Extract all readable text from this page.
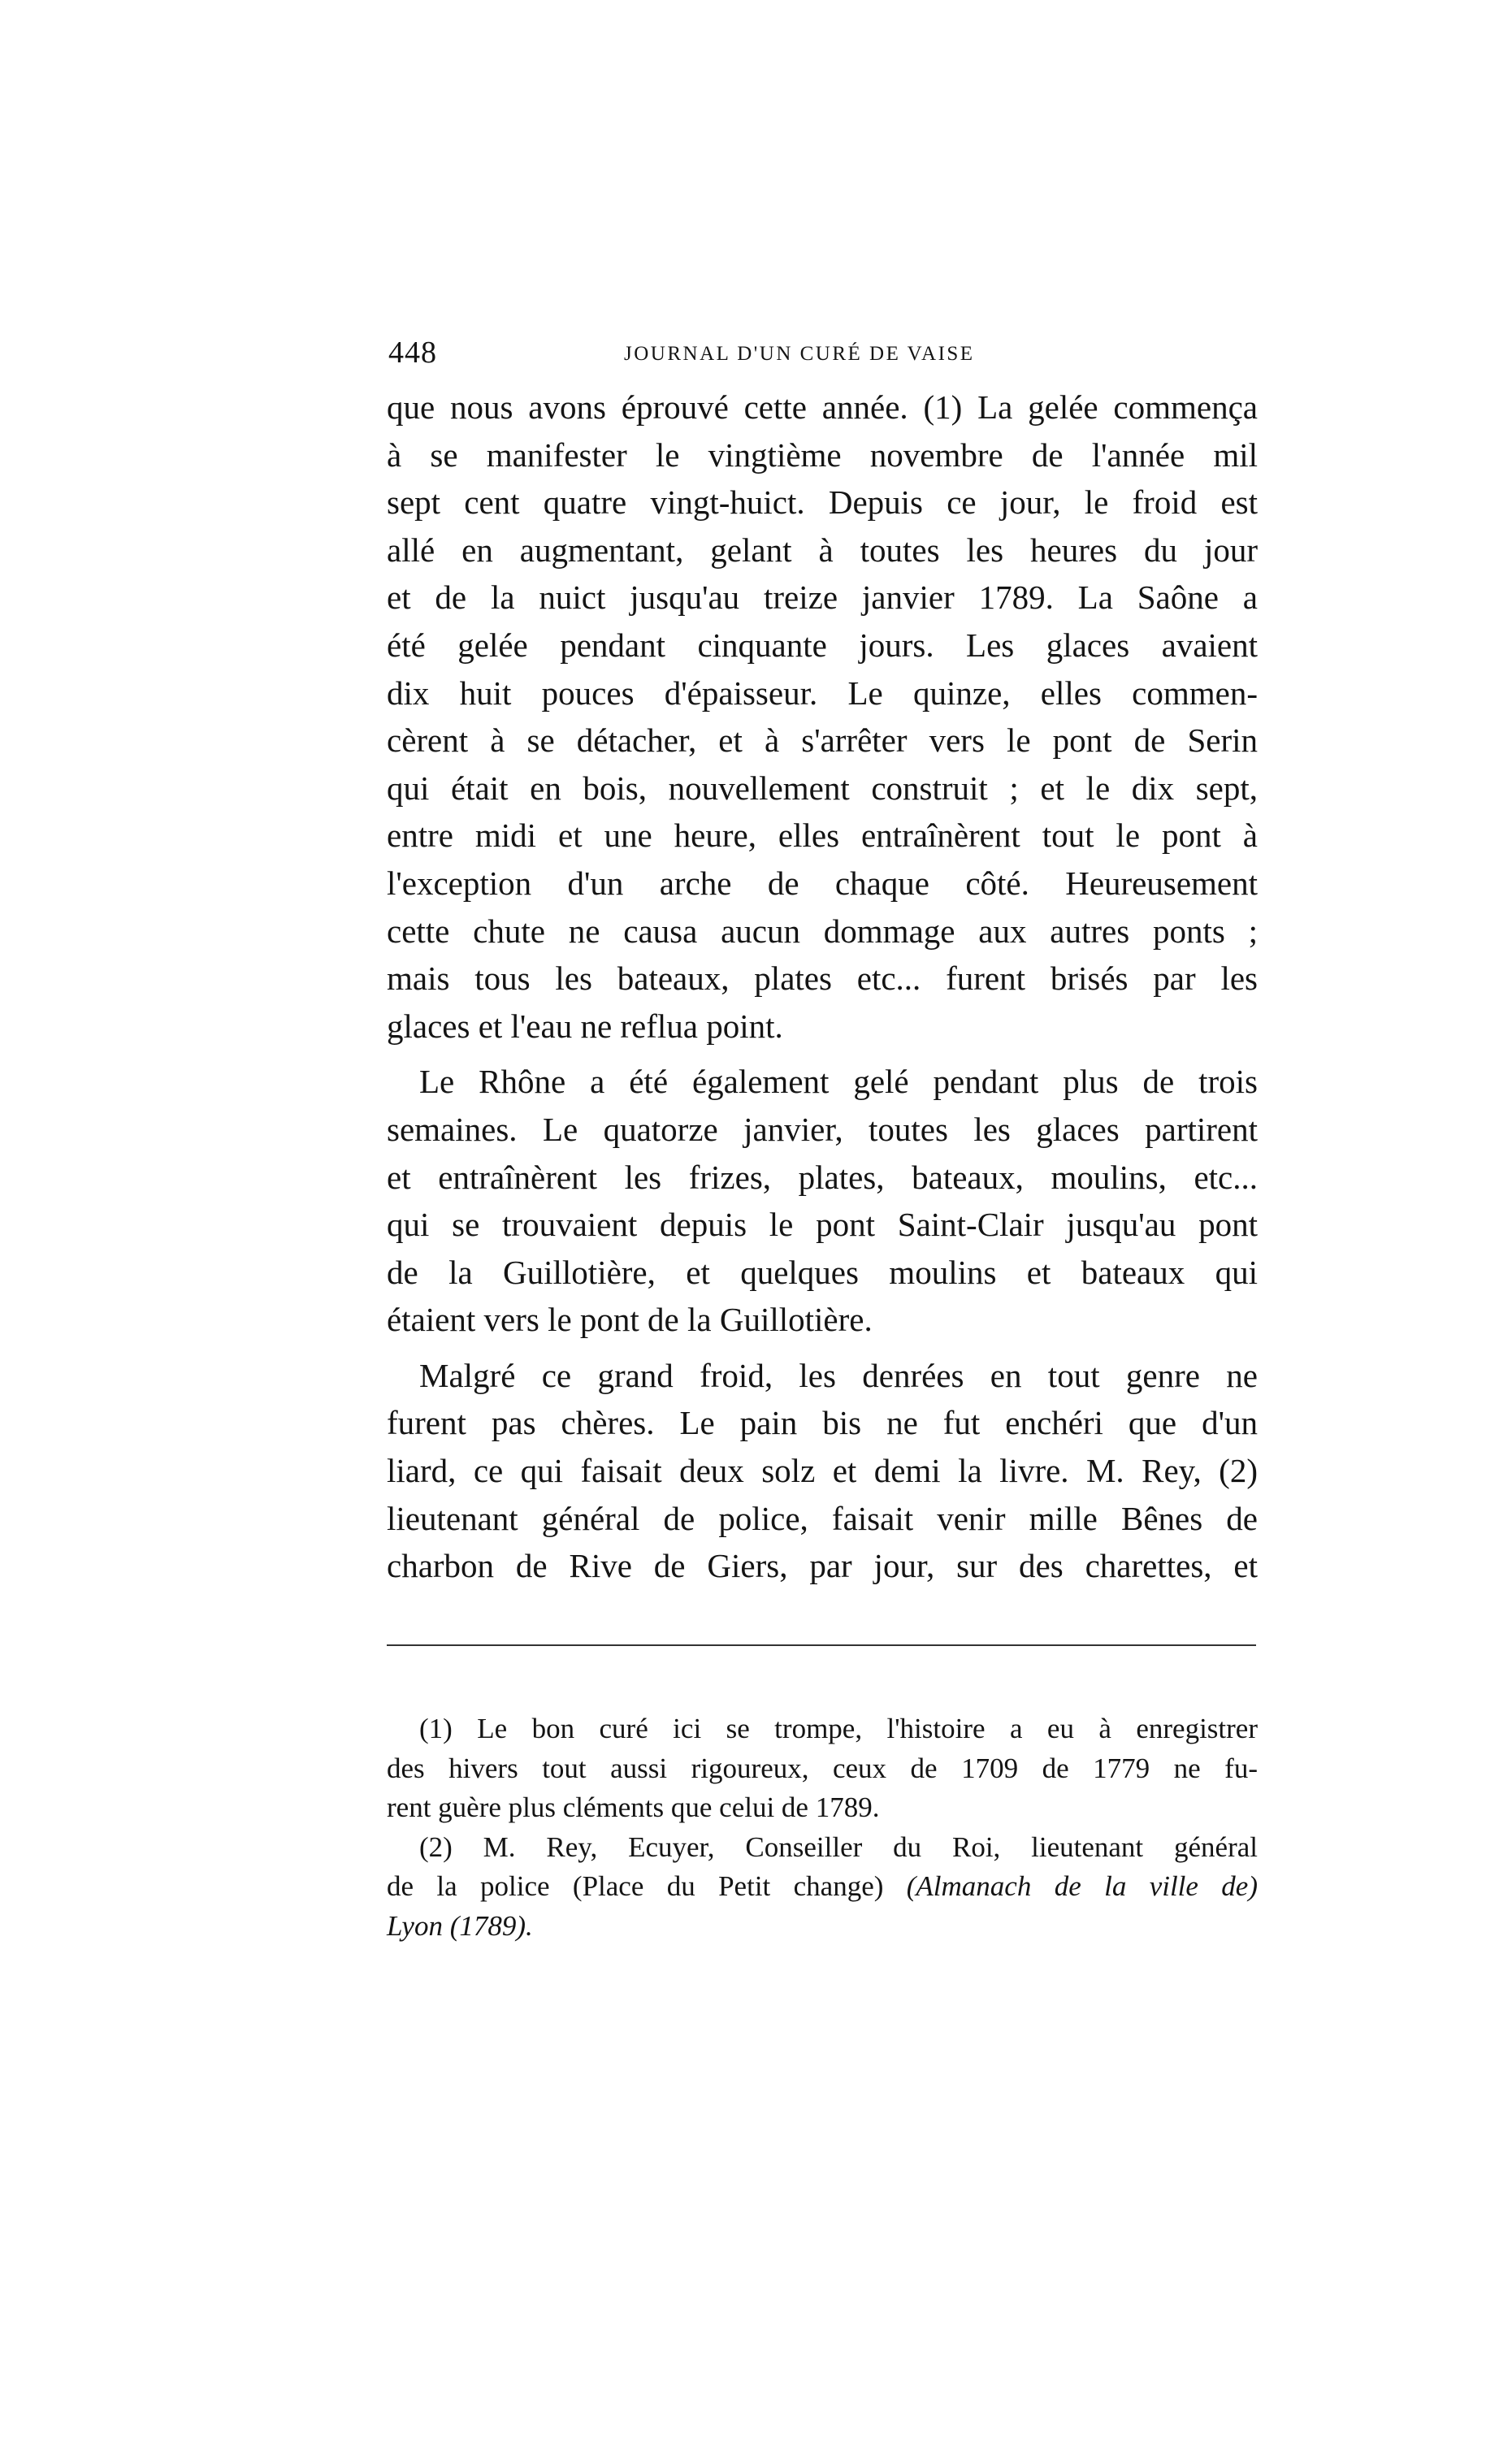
448	JOURNAL D'UN CURÉ DE VAISE

que nous avons éprouvé cette année. (1) La gelée commença
à se manifester le vingtième novembre de l'année mil
sept cent quatre vingt-huict. Depuis ce jour, le froid est
allé en augmentant, gelant à toutes les heures du jour
et de la nuict jusqu'au treize janvier 1789. La Saône a
été gelée pendant cinquante jours. Les glaces avaient
dix huit pouces d'épaisseur. Le quinze, elles commen-
cèrent à se détacher, et à s'arrêter vers le pont de Serin
qui était en bois, nouvellement construit ; et le dix sept,
entre midi et une heure, elles entraînèrent tout le pont à
l'exception d'un arche de chaque côté. Heureusement
cette chute ne causa aucun dommage aux autres ponts ;
mais tous les bateaux, plates etc... furent brisés par les
glaces et l'eau ne reflua point.

Le Rhône a été également gelé pendant plus de trois
semaines. Le quatorze janvier, toutes les glaces partirent
et entraînèrent les frizes, plates, bateaux, moulins, etc...
qui se trouvaient depuis le pont Saint-Clair jusqu'au pont
de la Guillotière, et quelques moulins et bateaux qui
étaient vers le pont de la Guillotière.

Malgré ce grand froid, les denrées en tout genre ne
furent pas chères. Le pain bis ne fut enchéri que d'un
liard, ce qui faisait deux solz et demi la livre. M. Rey, (2)
lieutenant général de police, faisait venir mille Bênes de
charbon de Rive de Giers, par jour, sur des charettes, et

(1) Le bon curé ici se trompe, l'histoire a eu à enregistrer
des hivers tout aussi rigoureux, ceux de 1709 de 1779 ne fu-
rent guère plus cléments que celui de 1789.
(2) M. Rey, Ecuyer, Conseiller du Roi, lieutenant général
de la police (Place du Petit change) (Almanach de la ville de)
Lyon (1789).
